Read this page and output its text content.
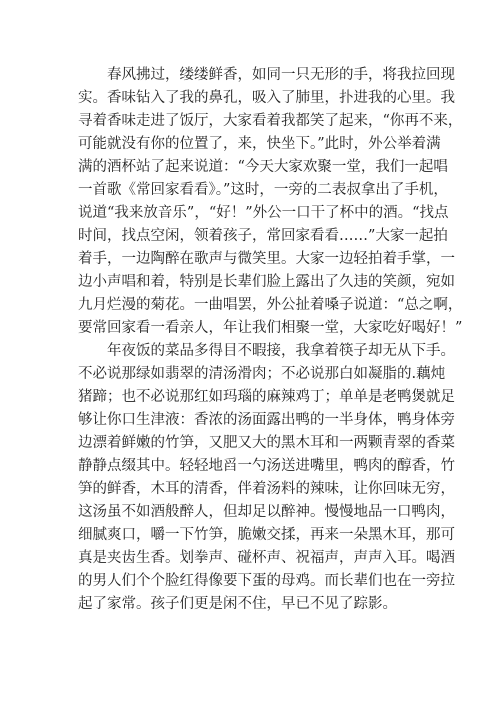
春风拂过，缕缕鲜香，如同一只无形的手，将我拉回现
实。香味钻入了我的鼻孔，吸入了肺里，扑进我的心里。我
寻着香味走进了饭厅，大家看着我都笑了起来，“你再不来，
可能就没有你的位置了，来，快坐下。”此时，外公举着满
满的酒杯站了起来说道：“今天大家欢聚一堂，我们一起唱
一首歌《常回家看看》。”这时，一旁的二表叔拿出了手机，
说道“我来放音乐”，“好！”外公一口干了杯中的酒。“找点
时间，找点空闲，领着孩子，常回家看看……”大家一起拍
着手，一边陶醉在歌声与微笑里。大家一边轻拍着手掌，一
边小声唱和着，特别是长辈们脸上露出了久违的笑颜，宛如
九月烂漫的菊花。一曲唱罢，外公扯着嗓子说道：“总之啊，
要常回家看一看亲人，年让我们相聚一堂，大家吃好喝好！”
年夜饭的菜品多得目不暇接，我拿着筷子却无从下手。
不必说那绿如翡翠的清汤滑肉；不必说那白如凝脂的.藕炖
猪蹄；也不必说那红如玛瑙的麻辣鸡丁；单单是老鸭煲就足
够让你口生津液：香浓的汤面露出鸭的一半身体，鸭身体旁
边漂着鲜嫩的竹笋，又肥又大的黑木耳和一两颗青翠的香菜
静静点缀其中。轻轻地舀一勺汤送进嘴里，鸭肉的醇香，竹
笋的鲜香，木耳的清香，伴着汤料的辣味，让你回味无穷，
这汤虽不如酒般醉人，但却足以醉神。慢慢地品一口鸭肉，
细腻爽口，嚼一下竹笋，脆嫩交揉，再来一朵黑木耳，那可
真是夹齿生香。划拳声、碰杯声、祝福声，声声入耳。喝酒
的男人们个个脸红得像要下蛋的母鸡。而长辈们也在一旁拉
起了家常。孩子们更是闲不住，早已不见了踪影。
